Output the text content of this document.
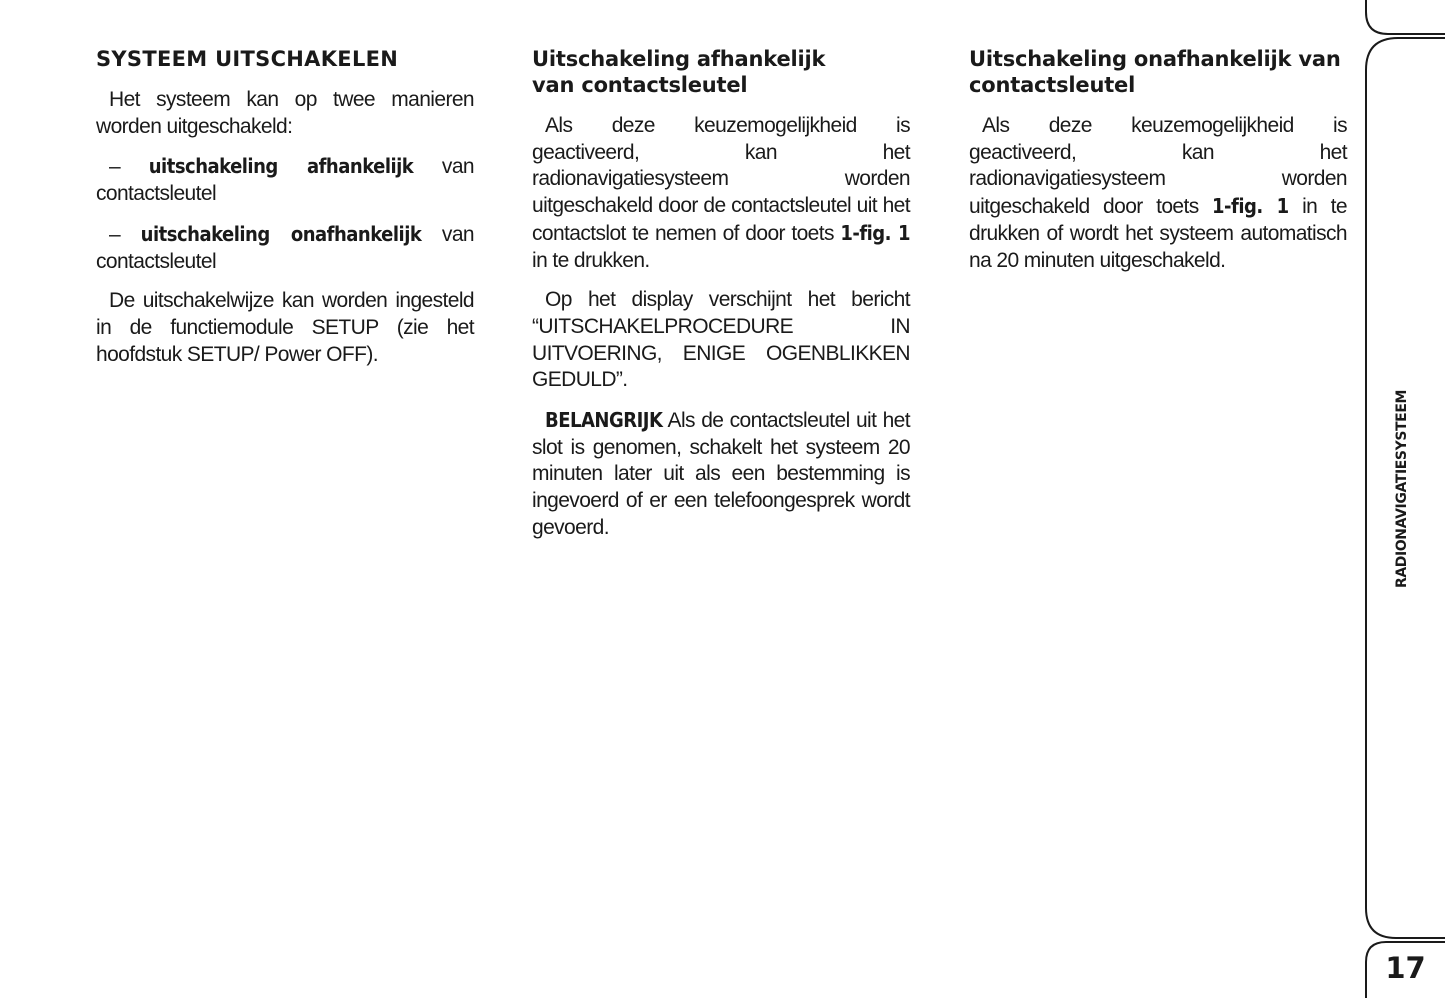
SYSTEEM UITSCHAKELEN

Het systeem kan op twee manieren worden uitgeschakeld:

– uitschakeling afhankelijk van contactsleutel

– uitschakeling onafhankelijk van contactsleutel

De uitschakelwijze kan worden ingesteld in de functiemodule SETUP (zie het hoofdstuk SETUP/ Power OFF).

Uitschakeling afhankelijk
van contactsleutel

Als deze keuzemogelijkheid is geactiveerd, kan het radionavigatiesysteem worden uitgeschakeld door de contactsleutel uit het contactslot te nemen of door toets 1-fig. 1 in te drukken.

Op het display verschijnt het bericht “UITSCHAKELPROCEDURE IN UITVOERING, ENIGE OGENBLIKKEN GEDULD”.

BELANGRIJK Als de contactsleutel uit het slot is genomen, schakelt het systeem 20 minuten later uit als een bestemming is ingevoerd of er een telefoongesprek wordt gevoerd.

Uitschakeling onafhankelijk van
contactsleutel

Als deze keuzemogelijkheid is geactiveerd, kan het radionavigatiesysteem worden uitgeschakeld door toets 1-fig. 1 in te drukken of wordt het systeem automatisch na 20 minuten uitgeschakeld.

RADIONAVIGATIESYSTEEM
17
